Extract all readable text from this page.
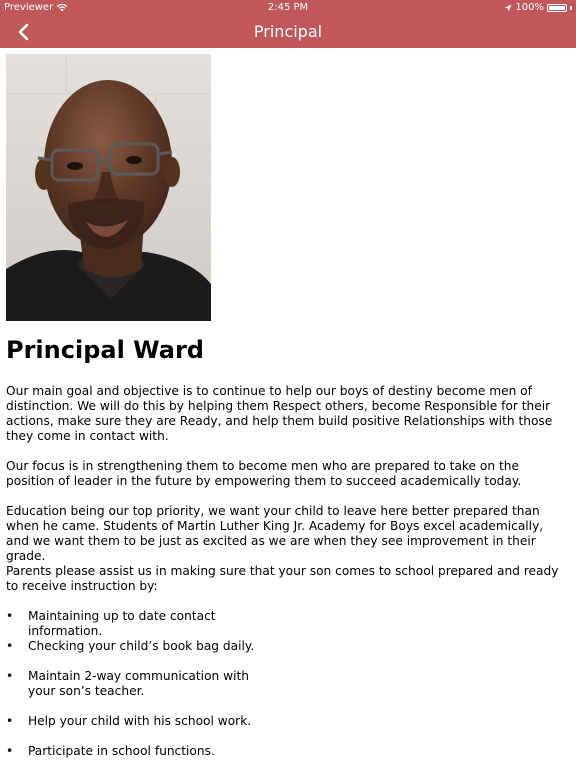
Previewer	2:45 PM	100%
Principal
Principal Ward

Our main goal and objective is to continue to help our boys of destiny become men of distinction. We will do this by helping them Respect others, become Responsible for their actions, make sure they are Ready, and help them build positive Relationships with those they come in contact with.

Our focus is in strengthening them to become men who are prepared to take on the position of leader in the future by empowering them to succeed academically today.

Education being our top priority, we want your child to leave here better prepared than when he came. Students of Martin Luther King Jr. Academy for Boys excel academically, and we want them to be just as excited as we are when they see improvement in their grade.

Parents please assist us in making sure that your son comes to school prepared and ready to receive instruction by:

• Maintaining up to date contact information.
• Checking your child’s book bag daily.
• Maintain 2-way communication with your son’s teacher.
• Help your child with his school work.
• Participate in school functions.
